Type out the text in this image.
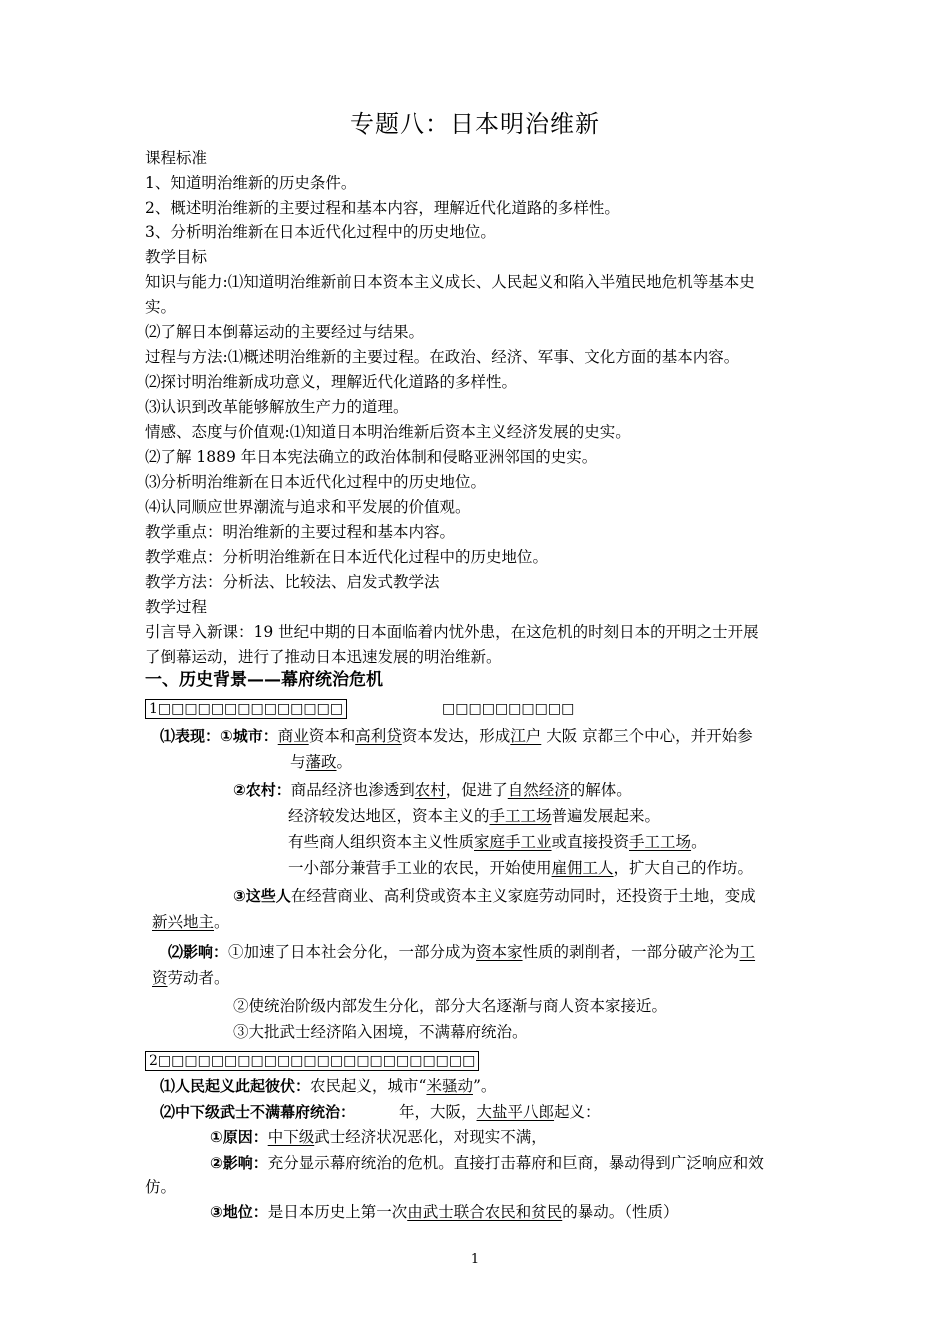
专题八：日本明治维新
课程标准
1、知道明治维新的历史条件。
2、概述明治维新的主要过程和基本内容，理解近代化道路的多样性。
3、分析明治维新在日本近代化过程中的历史地位。
教学目标
知识与能力:⑴知道明治维新前日本资本主义成长、人民起义和陷入半殖民地危机等基本史
实。
⑵了解日本倒幕运动的主要经过与结果。
过程与方法:⑴概述明治维新的主要过程。在政治、经济、军事、文化方面的基本内容。
⑵探讨明治维新成功意义，理解近代化道路的多样性。
⑶认识到改革能够解放生产力的道理。
情感、态度与价值观:⑴知道日本明治维新后资本主义经济发展的史实。
⑵了解 1889 年日本宪法确立的政治体制和侵略亚洲邻国的史实。
⑶分析明治维新在日本近代化过程中的历史地位。
⑷认同顺应世界潮流与追求和平发展的价值观。
教学重点：明治维新的主要过程和基本内容。
教学难点：分析明治维新在日本近代化过程中的历史地位。
教学方法：分析法、比较法、启发式教学法
教学过程
引言导入新课：19 世纪中期的日本面临着内忧外患，在这危机的时刻日本的开明之士开展
了倒幕运动，进行了推动日本迅速发展的明治维新。
一、历史背景——幕府统治危机
1□□□□□□□□□□□□□□	□□□□□□□□□□
⑴表现：①城市：商业资本和高利贷资本发达，形成江户 大阪 京都三个中心，并开始参
与藩政。
②农村：商品经济也渗透到农村，促进了自然经济的解体。
经济较发达地区，资本主义的手工工场普遍发展起来。
有些商人组织资本主义性质家庭手工业或直接投资手工工场。
一小部分兼营手工业的农民，开始使用雇佣工人，扩大自己的作坊。
③这些人在经营商业、高利贷或资本主义家庭劳动同时，还投资于土地，变成
新兴地主。
⑵影响：①加速了日本社会分化，一部分成为资本家性质的剥削者，一部分破产沦为工
资劳动者。
②使统治阶级内部发生分化，部分大名逐渐与商人资本家接近。
③大批武士经济陷入困境，不满幕府统治。
2□□□□□□□□□□□□□□□□□□□□□□□□
⑴人民起义此起彼伏：农民起义，城市“米骚动”。
⑵中下级武士不满幕府统治：	年，大阪，大盐平八郎起义：
①原因：中下级武士经济状况恶化，对现实不满，
②影响：充分显示幕府统治的危机。直接打击幕府和巨商，暴动得到广泛响应和效
仿。
③地位：是日本历史上第一次由武士联合农民和贫民的暴动。（性质）
1
